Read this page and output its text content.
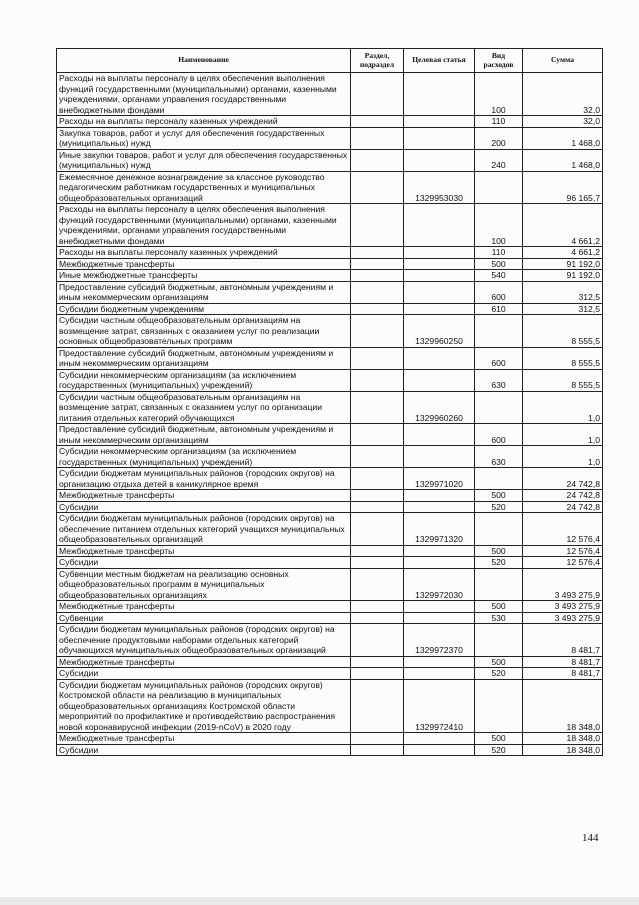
Наименование	Раздел, подраздел	Целевая статья	Вид расходов	Сумма
Расходы на выплаты персоналу в целях обеспечения выполнения функций государственными (муниципальными) органами, казенными учреждениями, органами управления государственными внебюджетными фондами			100	32,0
Расходы на выплаты персоналу казенных учреждений			110	32,0
Закупка товаров, работ и услуг для обеспечения государственных (муниципальных) нужд			200	1 468,0
Иные закупки товаров, работ и услуг для обеспечения государственных (муниципальных) нужд			240	1 468,0
Ежемесячное денежное вознаграждение за классное руководство педагогическим работникам государственных и муниципальных общеобразовательных организаций		1329953030		96 165,7
Расходы на выплаты персоналу в целях обеспечения выполнения функций государственными (муниципальными) органами, казенными учреждениями, органами управления государственными внебюджетными фондами			100	4 661,2
Расходы на выплаты персоналу казенных учреждений			110	4 661,2
Межбюджетные трансферты			500	91 192,0
Иные межбюджетные трансферты			540	91 192,0
Предоставление субсидий бюджетным, автономным учреждениям и иным некоммерческим организациям			600	312,5
Субсидии бюджетным учреждениям			610	312,5
Субсидии частным общеобразовательным организациям на возмещение затрат, связанных с оказанием услуг по реализации основных общеобразовательных программ		1329960250		8 555,5
Предоставление субсидий бюджетным, автономным учреждениям и иным некоммерческим организациям			600	8 555,5
Субсидии некоммерческим организациям (за исключением государственных (муниципальных) учреждений)			630	8 555,5
Субсидии частным общеобразовательным организациям на возмещение затрат, связанных с оказанием услуг по организации питания отдельных категорий обучающихся		1329960260		1,0
Предоставление субсидий бюджетным, автономным учреждениям и иным некоммерческим организациям			600	1,0
Субсидии некоммерческим организациям (за исключением государственных (муниципальных) учреждений)			630	1,0
Субсидии бюджетам муниципальных районов (городских округов) на организацию отдыха детей в каникулярное время		1329971020		24 742,8
Межбюджетные трансферты			500	24 742,8
Субсидии			520	24 742,8
Субсидии бюджетам муниципальных районов (городских округов) на обеспечение питанием отдельных категорий учащихся муниципальных общеобразовательных организаций		1329971320		12 576,4
Межбюджетные трансферты			500	12 576,4
Субсидии			520	12 576,4
Субвенции местным бюджетам на реализацию основных общеобразовательных программ в муниципальных общеобразовательных организациях		1329972030		3 493 275,9
Межбюджетные трансферты			500	3 493 275,9
Субвенции			530	3 493 275,9
Субсидии бюджетам муниципальных районов (городских округов) на обеспечение продуктовыми наборами отдельных категорий обучающихся муниципальных общеобразовательных организаций		1329972370		8 481,7
Межбюджетные трансферты			500	8 481,7
Субсидии			520	8 481,7
Субсидии бюджетам муниципальных районов (городских округов) Костромской области на реализацию в муниципальных общеобразовательных организациях Костромской области мероприятий по профилактике и противодействию распространения новой коронавирусной инфекции (2019-nCoV) в 2020 году		1329972410		18 348,0
Межбюджетные трансферты			500	18 348,0
Субсидии			520	18 348,0
144
